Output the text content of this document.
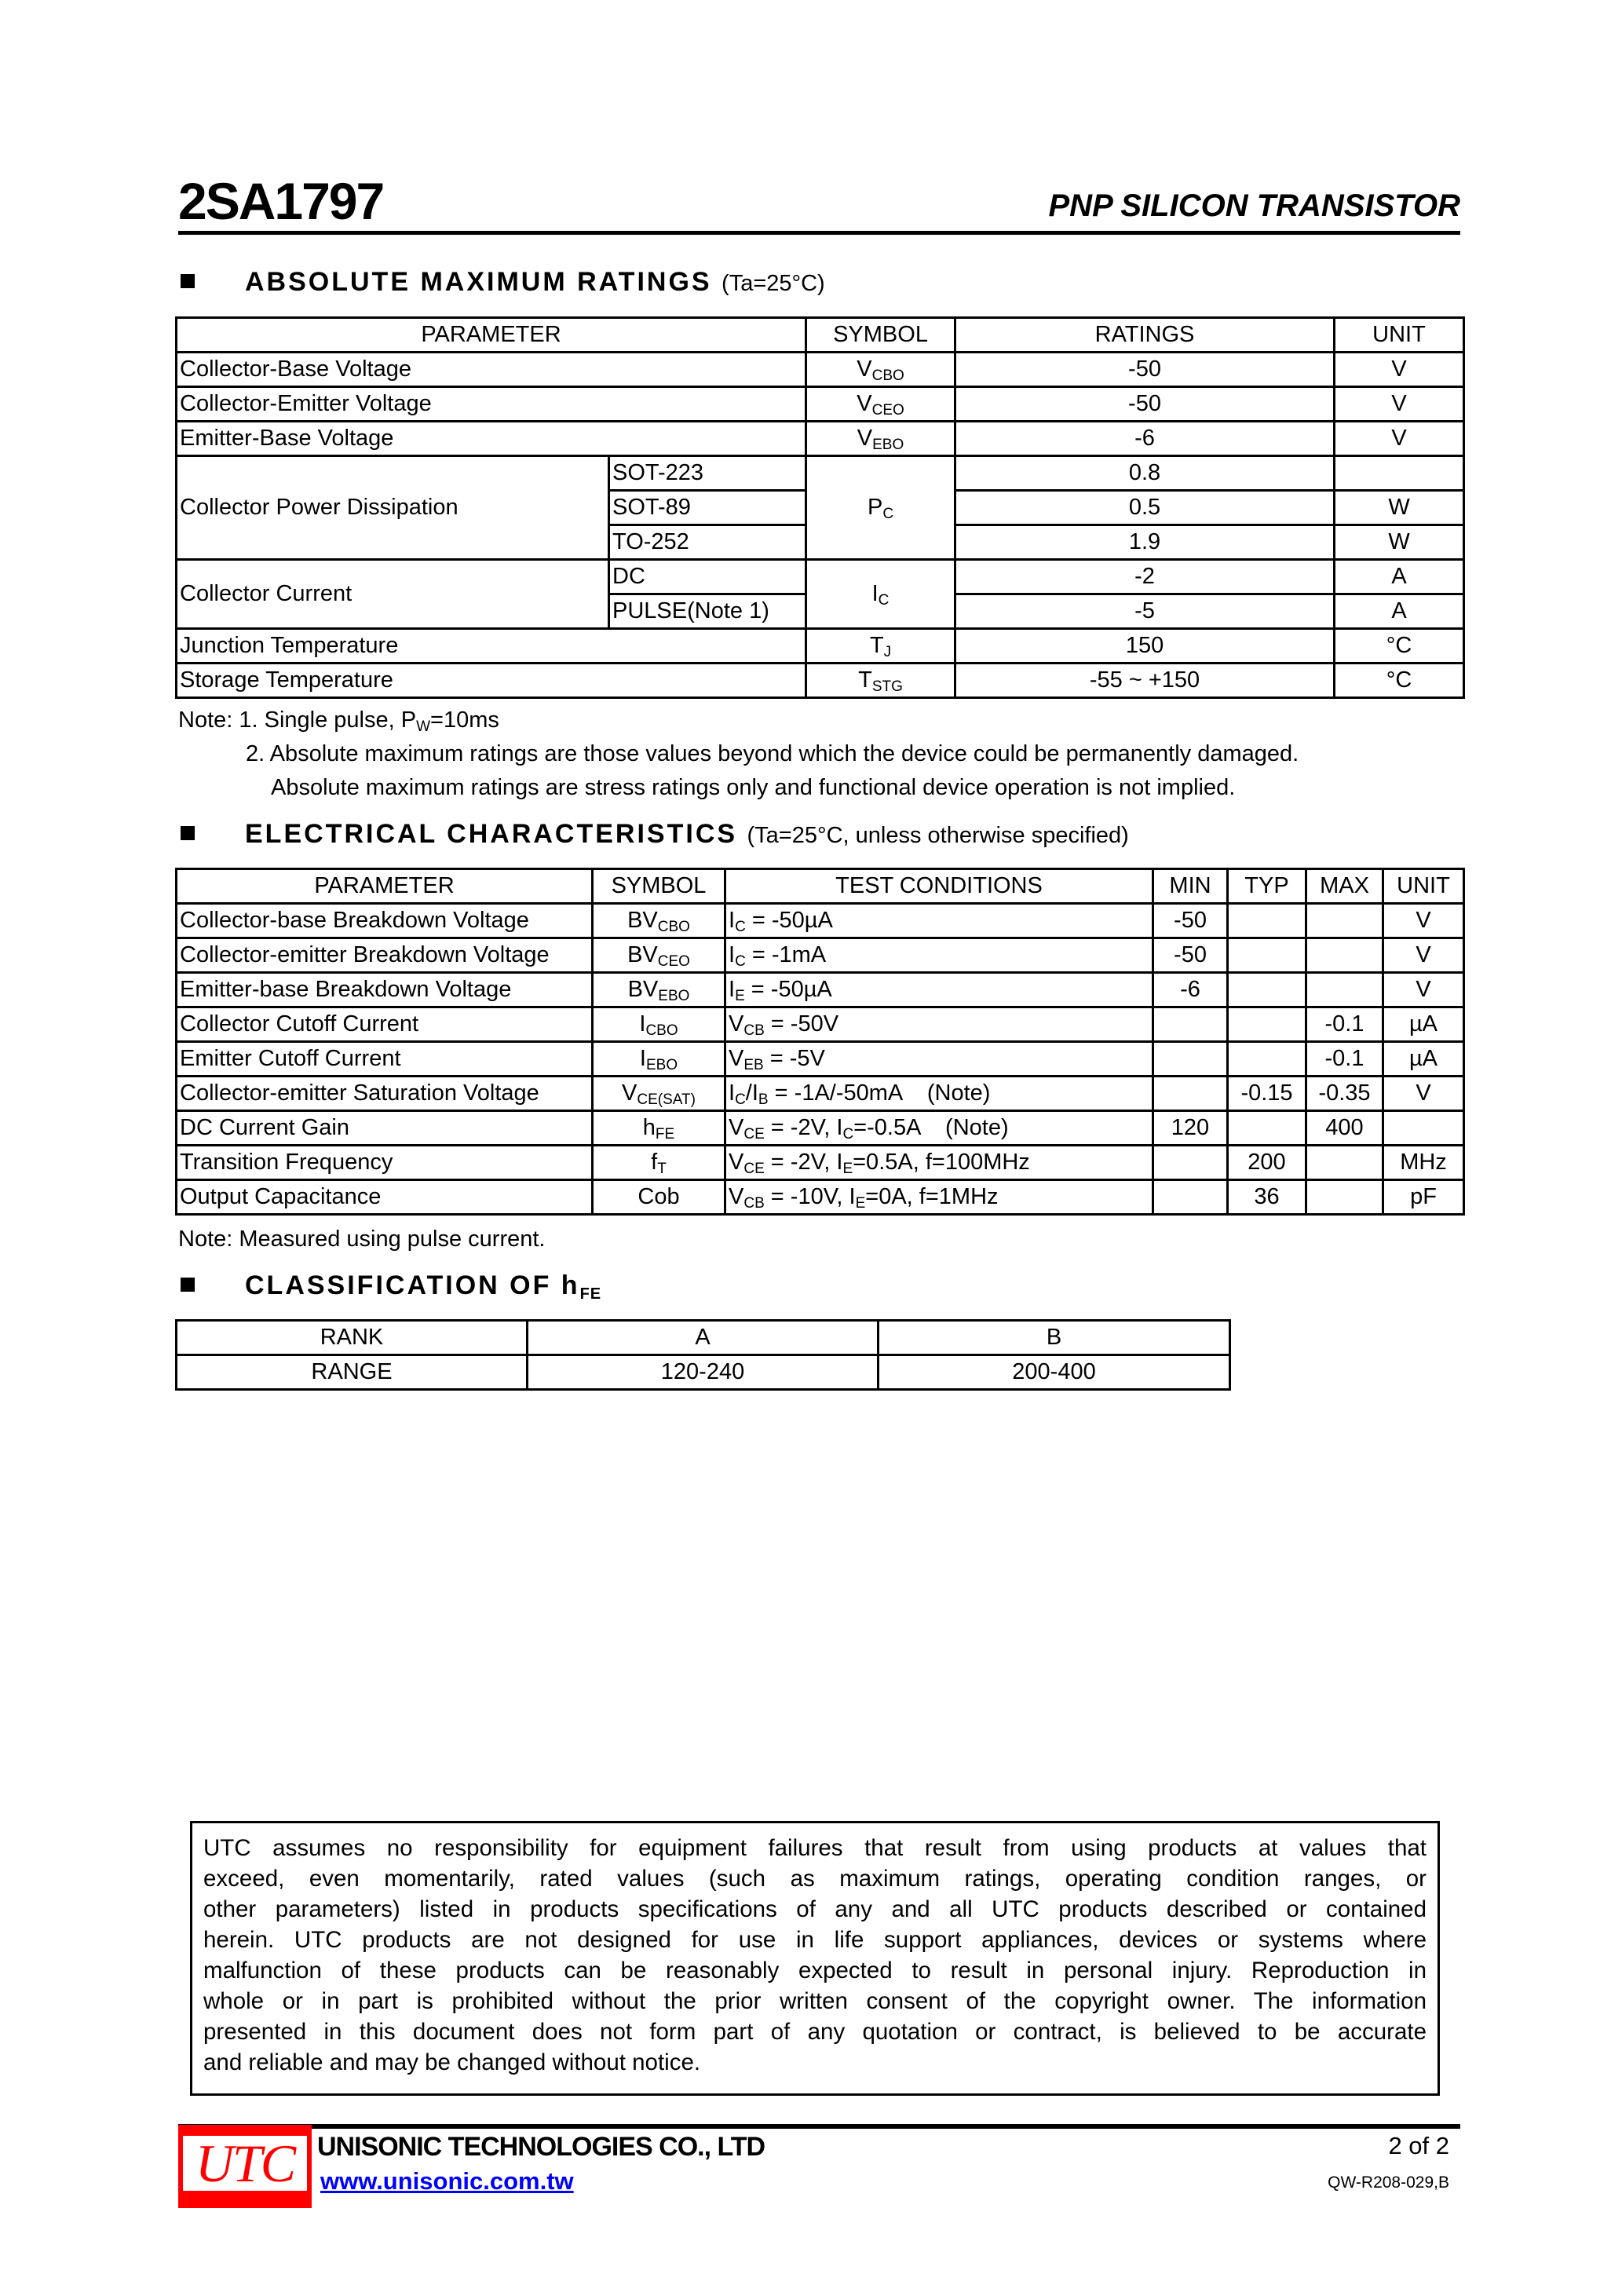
2SA1797	PNP SILICON TRANSISTOR
ABSOLUTE MAXIMUM RATINGS (Ta=25°C)
PARAMETER		SYMBOL	RATINGS	UNIT
Collector-Base Voltage		$V_{CBO}$	-50	V
Collector-Emitter Voltage		$V_{CEO}$	-50	V
Emitter-Base Voltage		$V_{EBO}$	-6	V
Collector Power Dissipation	SOT-223	$P_C$	0.8	
	SOT-89		0.5	W
	TO-252		1.9	W
Collector Current	DC	$I_C$	-2	A
	PULSE(Note 1)		-5	A
Junction Temperature		$T_J$	150	°C
Storage Temperature		$T_{STG}$	-55 ~ +150	°C
Note: 1. Single pulse, $P_W=10ms$
2. Absolute maximum ratings are those values beyond which the device could be permanently damaged.
Absolute maximum ratings are stress ratings only and functional device operation is not implied.
ELECTRICAL CHARACTERISTICS (Ta=25°C, unless otherwise specified)
PARAMETER	SYMBOL	TEST CONDITIONS	MIN	TYP	MAX	UNIT
Collector-base Breakdown Voltage	$BV_{CBO}$	$I_C = -50\mu A$	-50			V
Collector-emitter Breakdown Voltage	$BV_{CEO}$	$I_C = -1mA$	-50			V
Emitter-base Breakdown Voltage	$BV_{EBO}$	$I_E = -50\mu A$	-6			V
Collector Cutoff Current	$I_{CBO}$	$V_{CB} = -50V$			-0.1	µA
Emitter Cutoff Current	$I_{EBO}$	$V_{EB} = -5V$			-0.1	µA
Collector-emitter Saturation Voltage	$V_{CE(SAT)}$	$I_C/I_B = -1A/-50mA$    (Note)		-0.15	-0.35	V
DC Current Gain	$h_{FE}$	$V_{CE} = -2V$, $I_C=-0.5A$    (Note)	120		400	
Transition Frequency	$f_T$	$V_{CE} = -2V$, $I_E=0.5A$, f=100MHz		200		MHz
Output Capacitance	Cob	$V_{CB} = -10V$, $I_E=0A$, f=1MHz		36		pF
Note: Measured using pulse current.
CLASSIFICATION OF hFE
RANK	A	B
RANGE	120-240	200-400
UTC assumes no responsibility for equipment failures that result from using products at values that
exceed, even momentarily, rated values (such as maximum ratings, operating condition ranges, or
other parameters) listed in products specifications of any and all UTC products described or contained
herein. UTC products are not designed for use in life support appliances, devices or systems where
malfunction of these products can be reasonably expected to result in personal injury. Reproduction in
whole or in part is prohibited without the prior written consent of the copyright owner. The information
presented in this document does not form part of any quotation or contract, is believed to be accurate
and reliable and may be changed without notice.
UTC UNISONIC TECHNOLOGIES CO., LTD
www.unisonic.com.tw
2 of 2
QW-R208-029,B
